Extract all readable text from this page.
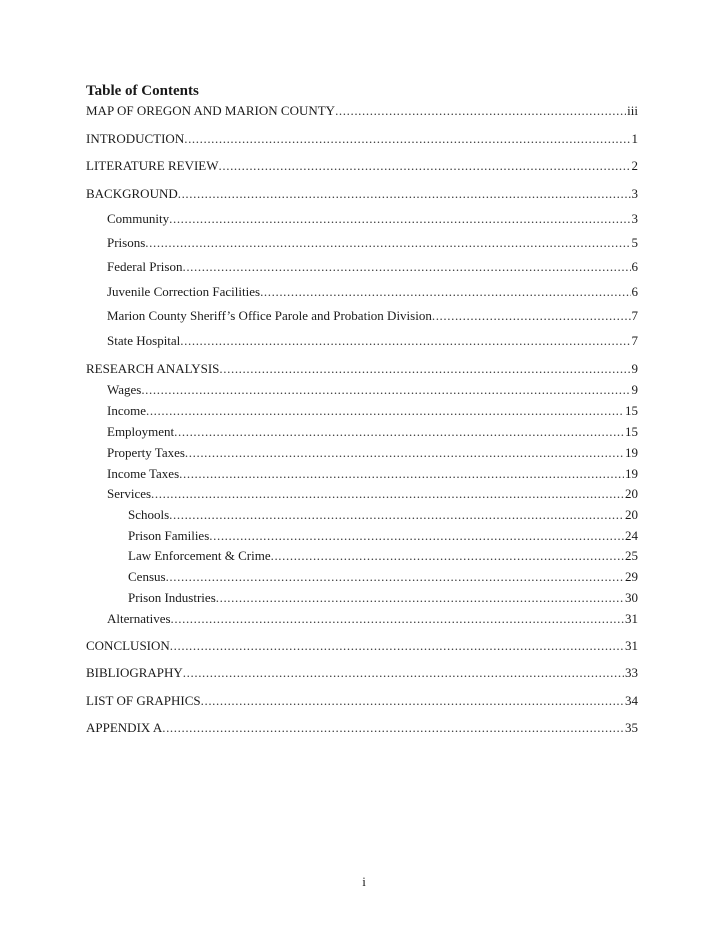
Table of Contents
MAP OF OREGON AND MARION COUNTY .....	iii
INTRODUCTION .....	1
LITERATURE REVIEW .....	2
BACKGROUND .....	3
Community .....	3
Prisons .....	5
Federal Prison .....	6
Juvenile Correction Facilities .....	6
Marion County Sheriff’s Office Parole and Probation Division .....	7
State Hospital .....	7
RESEARCH ANALYSIS .....	9
Wages .....	9
Income .....	15
Employment .....	15
Property Taxes .....	19
Income Taxes .....	19
Services .....	20
Schools .....	20
Prison Families .....	24
Law Enforcement & Crime .....	25
Census .....	29
Prison Industries .....	30
Alternatives .....	31
CONCLUSION .....	31
BIBLIOGRAPHY .....	33
LIST OF GRAPHICS .....	34
APPENDIX A .....	35
i
